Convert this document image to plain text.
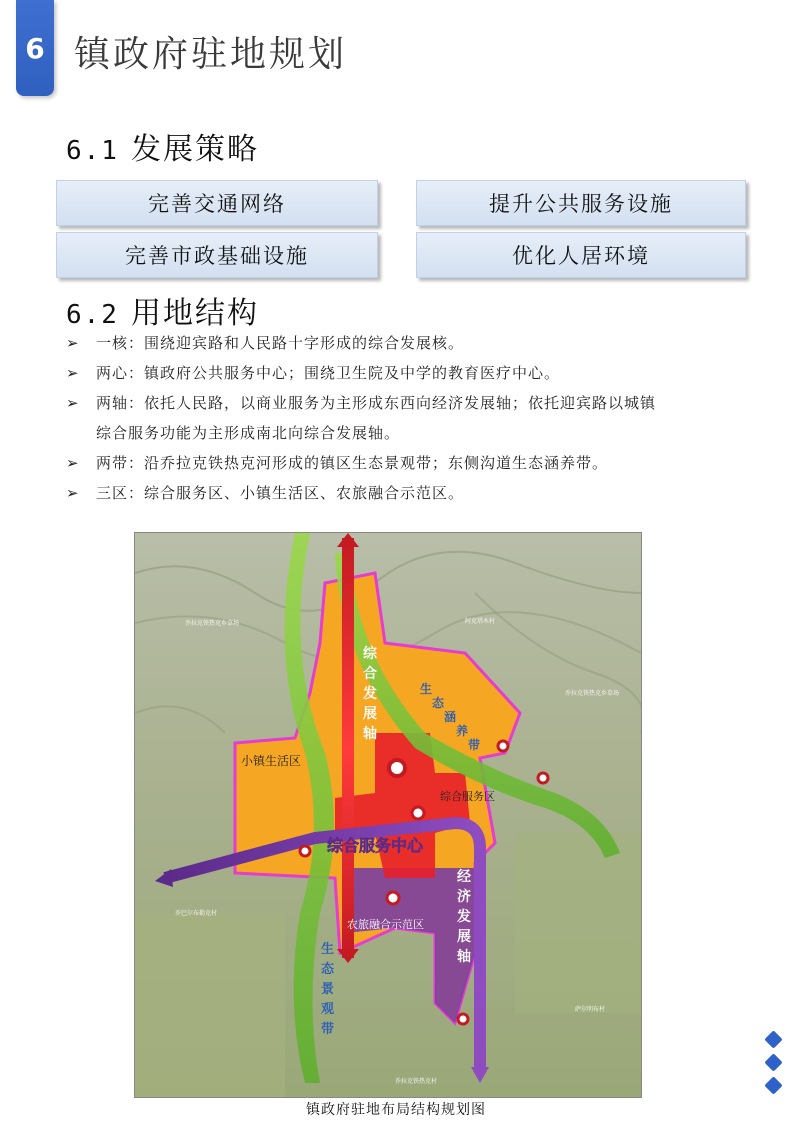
6 镇政府驻地规划
6.1 发展策略
完善交通网络	提升公共服务设施
完善市政基础设施	优化人居环境
6.2 用地结构
➢ 一核：围绕迎宾路和人民路十字形成的综合发展核。
➢ 两心：镇政府公共服务中心；围绕卫生院及中学的教育医疗中心。
➢ 两轴：依托人民路，以商业服务为主形成东西向经济发展轴；依托迎宾路以城镇
综合服务功能为主形成南北向综合发展轴。
➢ 两带：沿乔拉克铁热克河形成的镇区生态景观带；东侧沟道生态涵养带。
➢ 三区：综合服务区、小镇生活区、农旅融合示范区。
小镇生活区
综合服务区
农旅融合示范区
综合服务中心
综
合
发
展
轴
经
济
发
展
轴
生
态
景
观
带
生
态
涵
养
带
乔拉克铁热克乡草场	阿克塔木村
乔拉克铁热克乡草场
乔巴尔布勒克村
萨尔明布村
乔拉克铁热克村
镇政府驻地布局结构规划图
